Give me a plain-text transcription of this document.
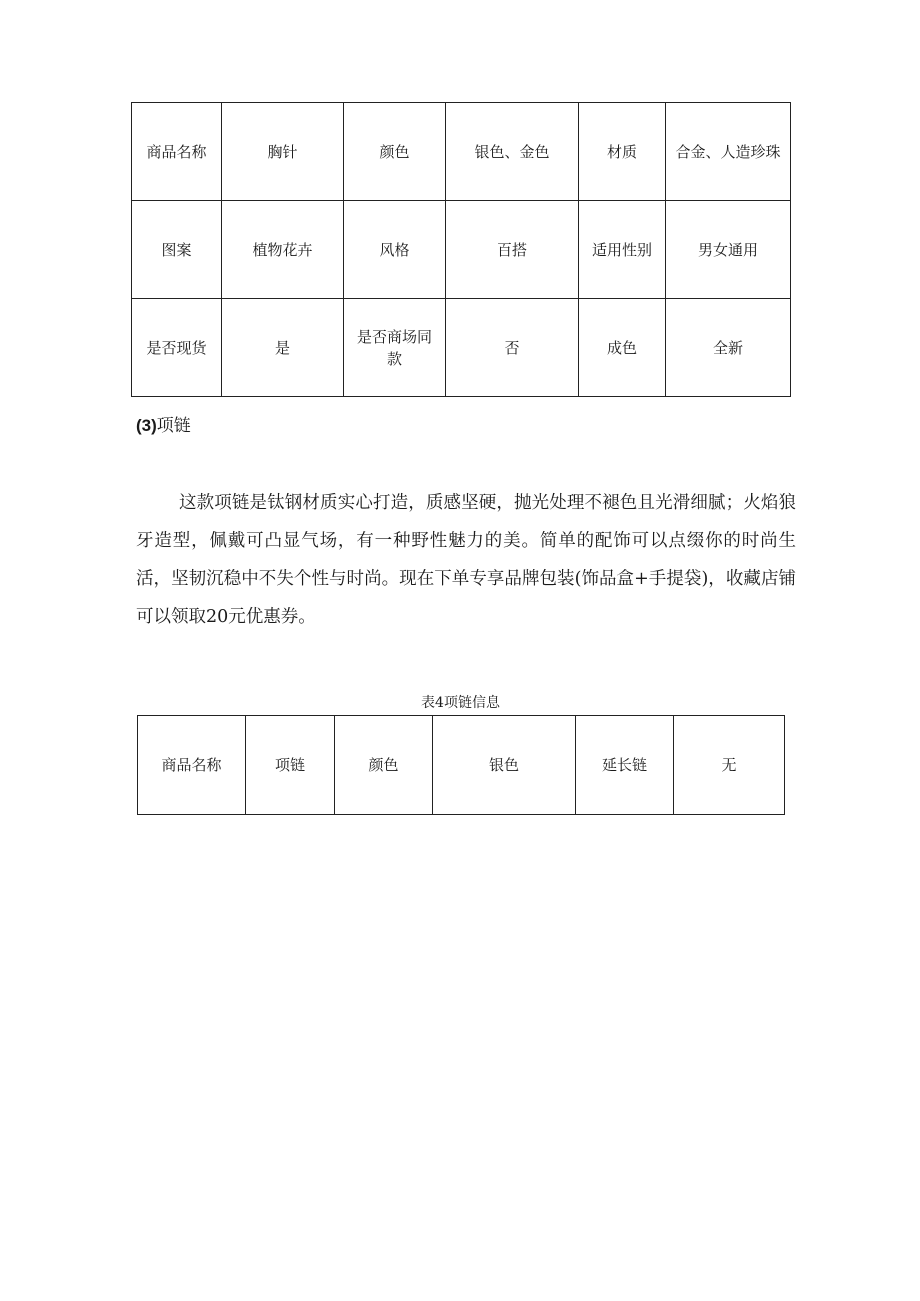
商品名称	胸针	颜色	银色、金色	材质	合金、人造珍珠
图案	植物花卉	风格	百搭	适用性别	男女通用
是否现货	是	是否商场同款	否	成色	全新
(3)项链

这款项链是钛钢材质实心打造，质感坚硬，抛光处理不褪色且光滑细腻；火焰狼牙造型，佩戴可凸显气场，有一种野性魅力的美。简单的配饰可以点缀你的时尚生活，坚韧沉稳中不失个性与时尚。现在下单专享品牌包装(饰品盒+手提袋)，收藏店铺可以领取20元优惠券。

表4项链信息
商品名称	项链	颜色	银色	延长链	无
